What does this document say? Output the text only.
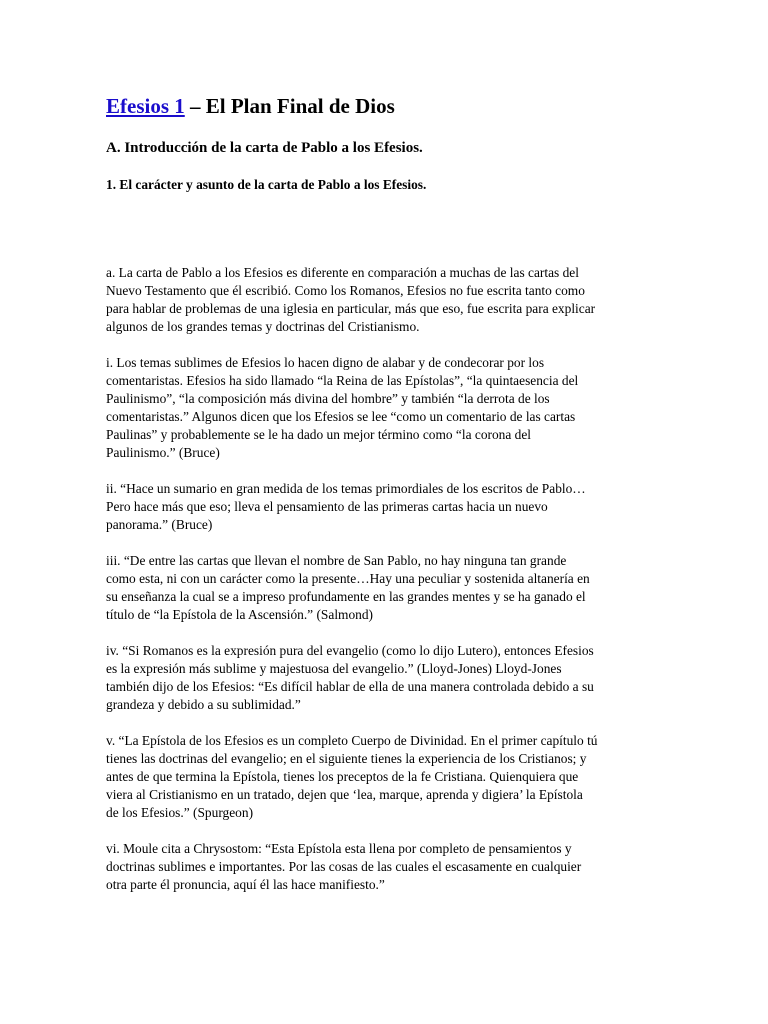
Efesios 1 – El Plan Final de Dios
A. Introducción de la carta de Pablo a los Efesios.
1. El carácter y asunto de la carta de Pablo a los Efesios.

a. La carta de Pablo a los Efesios es diferente en comparación a muchas de las cartas del
Nuevo Testamento que él escribió. Como los Romanos, Efesios no fue escrita tanto como
para hablar de problemas de una iglesia en particular, más que eso, fue escrita para explicar
algunos de los grandes temas y doctrinas del Cristianismo.

i. Los temas sublimes de Efesios lo hacen digno de alabar y de condecorar por los
comentaristas. Efesios ha sido llamado “la Reina de las Epístolas”, “la quintaesencia del
Paulinismo”, “la composición más divina del hombre” y también “la derrota de los
comentaristas.” Algunos dicen que los Efesios se lee “como un comentario de las cartas
Paulinas” y probablemente se le ha dado un mejor término como “la corona del
Paulinismo.” (Bruce)

ii. “Hace un sumario en gran medida de los temas primordiales de los escritos de Pablo…
Pero hace más que eso; lleva el pensamiento de las primeras cartas hacia un nuevo
panorama.” (Bruce)

iii. “De entre las cartas que llevan el nombre de San Pablo, no hay ninguna tan grande
como esta, ni con un carácter como la presente…Hay una peculiar y sostenida altanería en
su enseñanza la cual se a impreso profundamente en las grandes mentes y se ha ganado el
título de “la Epístola de la Ascensión.” (Salmond)

iv. “Si Romanos es la expresión pura del evangelio (como lo dijo Lutero), entonces Efesios
es la expresión más sublime y majestuosa del evangelio.” (Lloyd-Jones) Lloyd-Jones
también dijo de los Efesios: “Es difícil hablar de ella de una manera controlada debido a su
grandeza y debido a su sublimidad.”

v. “La Epístola de los Efesios es un completo Cuerpo de Divinidad. En el primer capítulo tú
tienes las doctrinas del evangelio; en el siguiente tienes la experiencia de los Cristianos; y
antes de que termina la Epístola, tienes los preceptos de la fe Cristiana. Quienquiera que
viera al Cristianismo en un tratado, dejen que ‘lea, marque, aprenda y digiera’ la Epístola
de los Efesios.” (Spurgeon)

vi. Moule cita a Chrysostom: “Esta Epístola esta llena por completo de pensamientos y
doctrinas sublimes e importantes. Por las cosas de las cuales el escasamente en cualquier
otra parte él pronuncia, aquí él las hace manifiesto.”
